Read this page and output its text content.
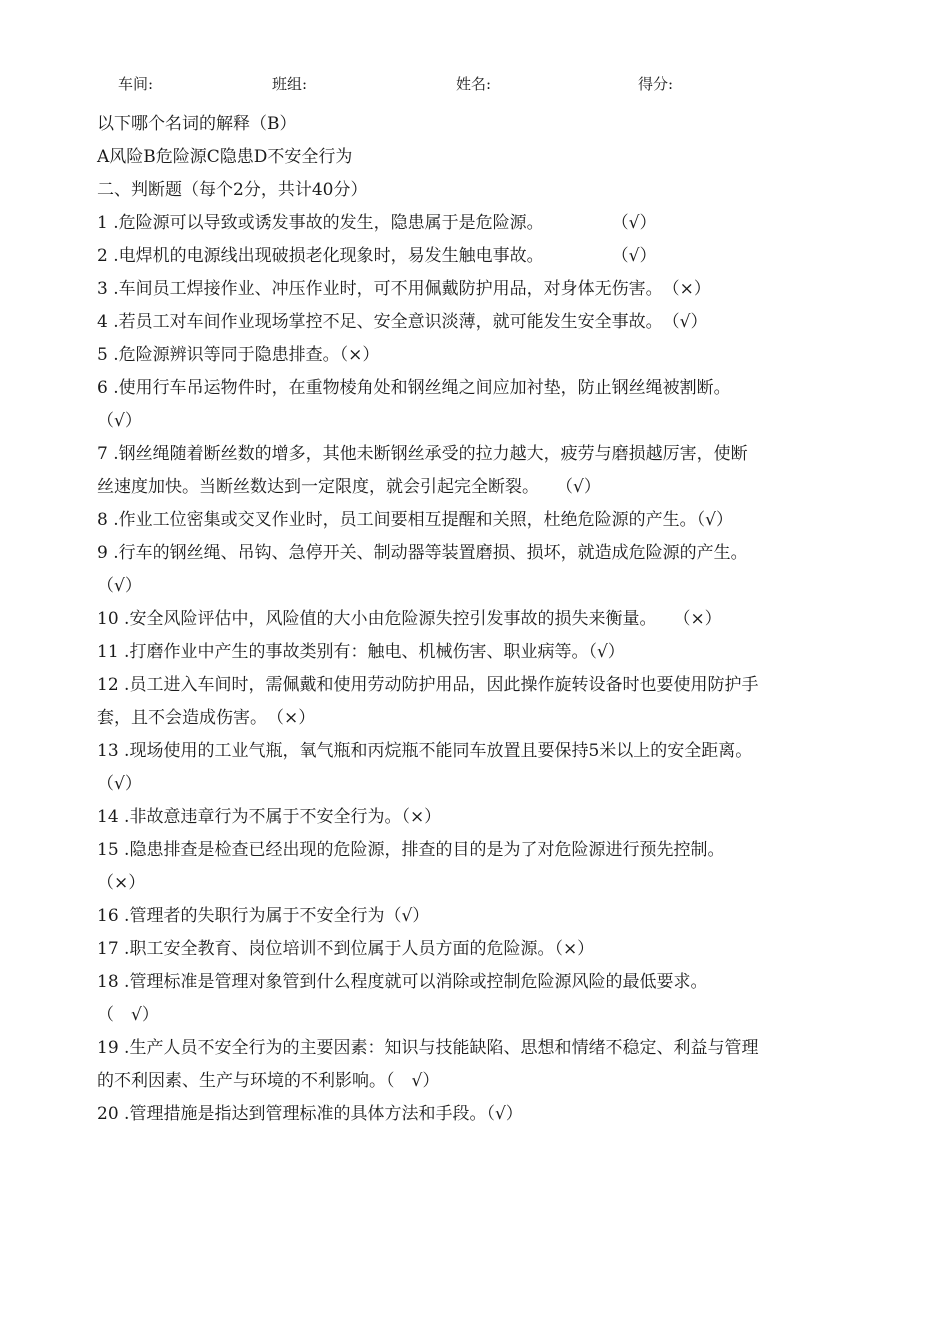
车间:	班组:	姓名:	得分:
以下哪个名词的解释（B）
A风险B危险源C隐患D不安全行为
二、判断题（每个2分，共计40分）
1 .危险源可以导致或诱发事故的发生，隐患属于是危险源。　　　　　（√）
2 .电焊机的电源线出现破损老化现象时，易发生触电事故。　　　　　（√）
3 .车间员工焊接作业、冲压作业时，可不用佩戴防护用品，对身体无伤害。　（×）
4 .若员工对车间作业现场掌控不足、安全意识淡薄，就可能发生安全事故。　（√）
5 .危险源辨识等同于隐患排查。（×）
6 .使用行车吊运物件时，在重物棱角处和钢丝绳之间应加衬垫，防止钢丝绳被割断。
（√）
7 .钢丝绳随着断丝数的增多，其他未断钢丝承受的拉力越大，疲劳与磨损越厉害，使断
丝速度加快。当断丝数达到一定限度，就会引起完全断裂。　　（√）
8 .作业工位密集或交叉作业时，员工间要相互提醒和关照，杜绝危险源的产生。（√）
9 .行车的钢丝绳、吊钩、急停开关、制动器等装置磨损、损坏，就造成危险源的产生。
（√）
10 .安全风险评估中，风险值的大小由危险源失控引发事故的损失来衡量。　　（×）
11 .打磨作业中产生的事故类别有：触电、机械伤害、职业病等。（√）
12 .员工进入车间时，需佩戴和使用劳动防护用品，因此操作旋转设备时也要使用防护手
套，且不会造成伤害。　（×）
13 .现场使用的工业气瓶，氧气瓶和丙烷瓶不能同车放置且要保持5米以上的安全距离。
（√）
14 .非故意违章行为不属于不安全行为。（×）
15 .隐患排查是检查已经出现的危险源，排查的目的是为了对危险源进行预先控制。
（×）
16 .管理者的失职行为属于不安全行为（√）
17 .职工安全教育、岗位培训不到位属于人员方面的危险源。（×）
18 .管理标准是管理对象管到什么程度就可以消除或控制危险源风险的最低要求。
（　√）
19 .生产人员不安全行为的主要因素：知识与技能缺陷、思想和情绪不稳定、利益与管理
的不利因素、生产与环境的不利影响。（　√）
20 .管理措施是指达到管理标准的具体方法和手段。（√）
